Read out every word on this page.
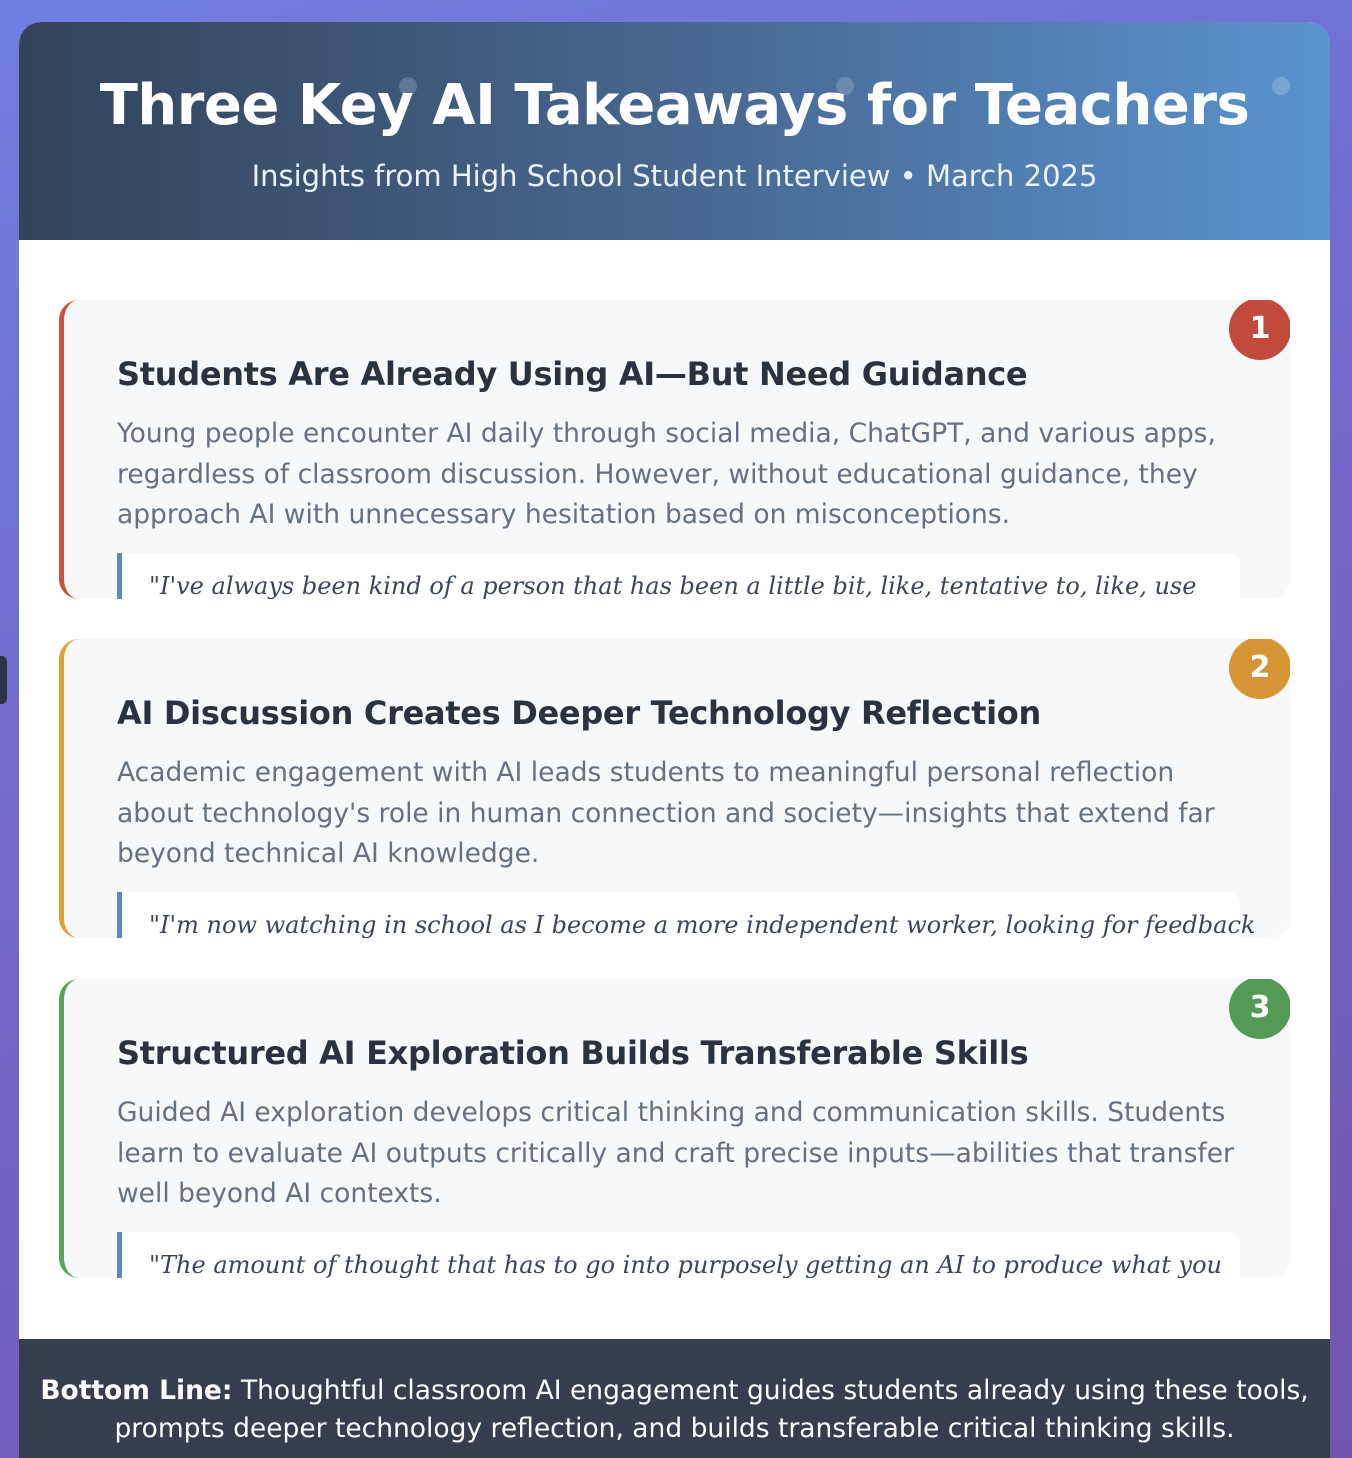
Three Key AI Takeaways for Teachers
Insights from High School Student Interview • March 2025
1
Students Are Already Using AI—But Need Guidance
Young people encounter AI daily through social media, ChatGPT, and various apps, regardless of classroom discussion. However, without educational guidance, they approach AI with unnecessary hesitation based on misconceptions.
"I've always been kind of a person that has been a little bit, like, tentative to, like, use
2
AI Discussion Creates Deeper Technology Reflection
Academic engagement with AI leads students to meaningful personal reflection about technology's role in human connection and society—insights that extend far beyond technical AI knowledge.
"I'm now watching in school as I become a more independent worker, looking for feedback
3
Structured AI Exploration Builds Transferable Skills
Guided AI exploration develops critical thinking and communication skills. Students learn to evaluate AI outputs critically and craft precise inputs—abilities that transfer well beyond AI contexts.
"The amount of thought that has to go into purposely getting an AI to produce what you
Bottom Line: Thoughtful classroom AI engagement guides students already using these tools, prompts deeper technology reflection, and builds transferable critical thinking skills.
